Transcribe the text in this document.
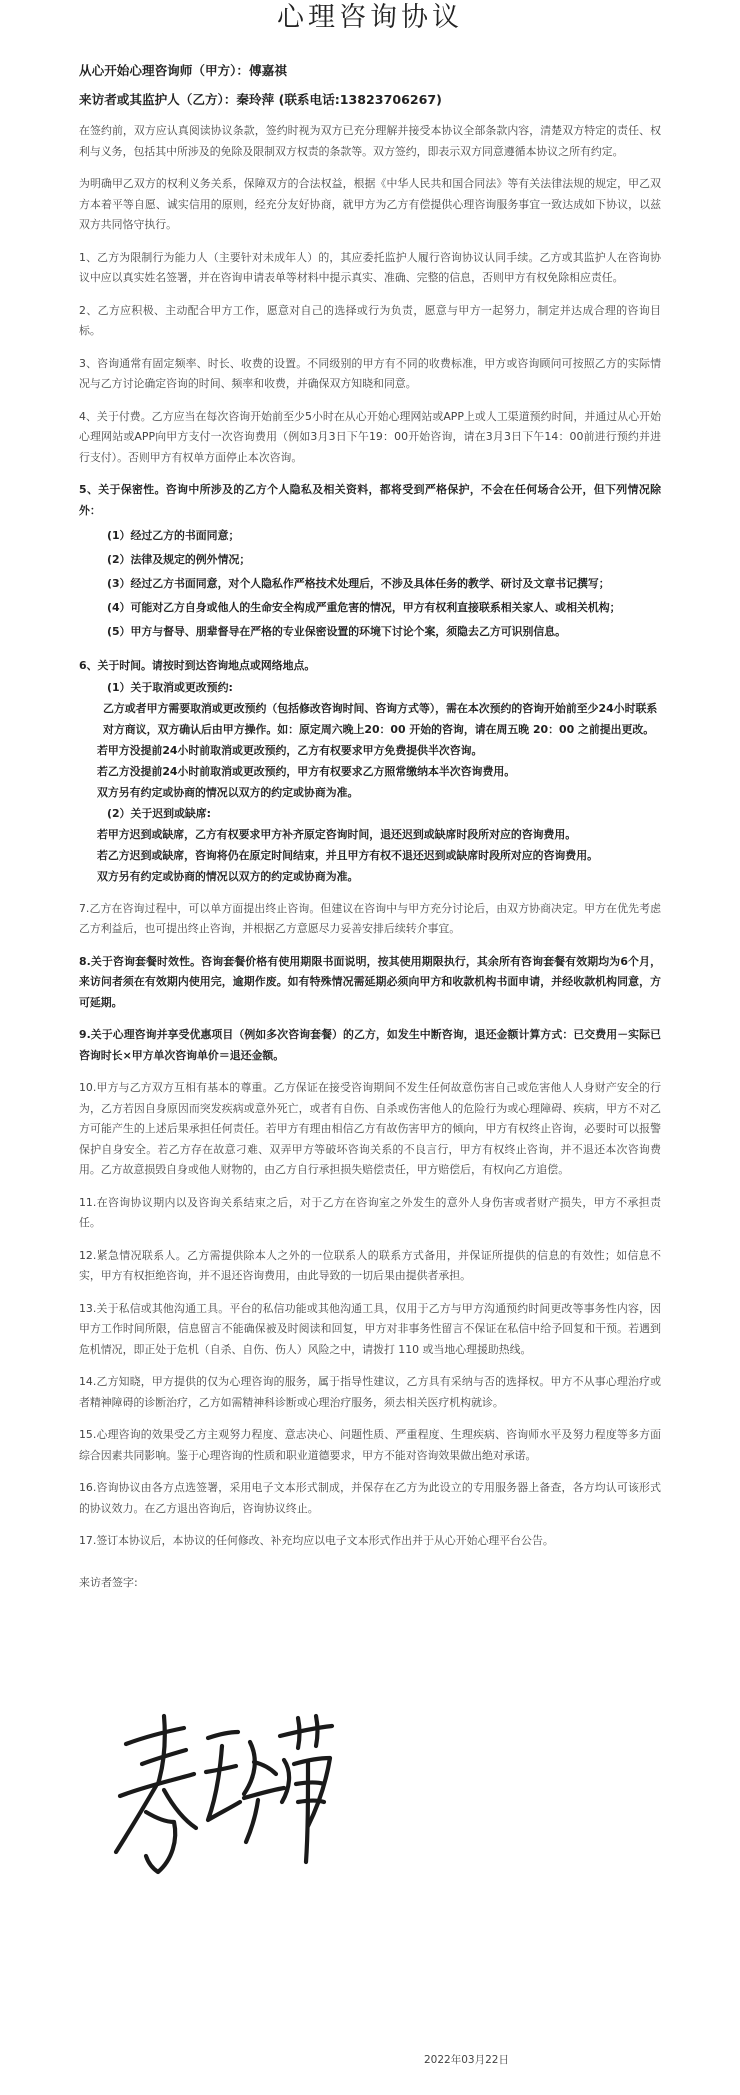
心理咨询协议
从心开始心理咨询师（甲方）：傅嘉祺
来访者或其监护人（乙方）：秦玲萍 (联系电话:13823706267)

在签约前，双方应认真阅读协议条款，签约时视为双方已充分理解并接受本协议全部条款内容，清楚双方特定的责任、权利与义务，包括其中所涉及的免除及限制双方权责的条款等。双方签约，即表示双方同意遵循本协议之所有约定。

为明确甲乙双方的权利义务关系，保障双方的合法权益，根据《中华人民共和国合同法》等有关法律法规的规定，甲乙双方本着平等自愿、诚实信用的原则，经充分友好协商，就甲方为乙方有偿提供心理咨询服务事宜一致达成如下协议，以兹双方共同恪守执行。

1、乙方为限制行为能力人（主要针对未成年人）的，其应委托监护人履行咨询协议认同手续。乙方或其监护人在咨询协议中应以真实姓名签署，并在咨询申请表单等材料中提示真实、准确、完整的信息，否则甲方有权免除相应责任。

2、乙方应积极、主动配合甲方工作，愿意对自己的选择或行为负责，愿意与甲方一起努力，制定并达成合理的咨询目标。

3、咨询通常有固定频率、时长、收费的设置。不同级别的甲方有不同的收费标准，甲方或咨询顾问可按照乙方的实际情况与乙方讨论确定咨询的时间、频率和收费，并确保双方知晓和同意。

4、关于付费。乙方应当在每次咨询开始前至少5小时在从心开始心理网站或APP上或人工渠道预约时间，并通过从心开始心理网站或APP向甲方支付一次咨询费用（例如3月3日下午19：00开始咨询，请在3月3日下午14：00前进行预约并进行支付）。否则甲方有权单方面停止本次咨询。

5、关于保密性。咨询中所涉及的乙方个人隐私及相关资料，都将受到严格保护，不会在任何场合公开，但下列情况除外：

(1）经过乙方的书面同意；
(2）法律及规定的例外情况；
(3）经过乙方书面同意，对个人隐私作严格技术处理后，不涉及具体任务的教学、研讨及文章书记撰写；
(4）可能对乙方自身或他人的生命安全构成严重危害的情况，甲方有权利直接联系相关家人、或相关机构；
(5）甲方与督导、朋辈督导在严格的专业保密设置的环境下讨论个案，须隐去乙方可识别信息。

6、关于时间。请按时到达咨询地点或网络地点。

(1）关于取消或更改预约:
乙方或者甲方需要取消或更改预约（包括修改咨询时间、咨询方式等），需在本次预约的咨询开始前至少24小时联系对方商议，双方确认后由甲方操作。如：原定周六晚上20：00 开始的咨询，请在周五晚 20：00 之前提出更改。
若甲方没提前24小时前取消或更改预约，乙方有权要求甲方免费提供半次咨询。
若乙方没提前24小时前取消或更改预约，甲方有权要求乙方照常缴纳本半次咨询费用。
双方另有约定或协商的情况以双方的约定或协商为准。
(2）关于迟到或缺席:
若甲方迟到或缺席，乙方有权要求甲方补齐原定咨询时间，退还迟到或缺席时段所对应的咨询费用。
若乙方迟到或缺席，咨询将仍在原定时间结束，并且甲方有权不退还迟到或缺席时段所对应的咨询费用。
双方另有约定或协商的情况以双方的约定或协商为准。

7.乙方在咨询过程中，可以单方面提出终止咨询。但建议在咨询中与甲方充分讨论后，由双方协商决定。甲方在优先考虑乙方利益后，也可提出终止咨询，并根据乙方意愿尽力妥善安排后续转介事宜。

8.关于咨询套餐时效性。咨询套餐价格有使用期限书面说明，按其使用期限执行，其余所有咨询套餐有效期均为6个月，来访问者须在有效期内使用完，逾期作废。如有特殊情况需延期必须向甲方和收款机构书面申请，并经收款机构同意，方可延期。

9.关于心理咨询并享受优惠项目（例如多次咨询套餐）的乙方，如发生中断咨询，退还金额计算方式：已交费用－实际已咨询时长×甲方单次咨询单价＝退还金额。

10.甲方与乙方双方互相有基本的尊重。乙方保证在接受咨询期间不发生任何故意伤害自己或危害他人人身财产安全的行为，乙方若因自身原因而突发疾病或意外死亡，或者有自伤、自杀或伤害他人的危险行为或心理障碍、疾病，甲方不对乙方可能产生的上述后果承担任何责任。若甲方有理由相信乙方有故伤害甲方的倾向，甲方有权终止咨询，必要时可以报警保护自身安全。若乙方存在故意刁难、双弄甲方等破坏咨询关系的不良言行，甲方有权终止咨询，并不退还本次咨询费用。乙方故意损毁自身或他人财物的，由乙方自行承担损失赔偿责任，甲方赔偿后，有权向乙方追偿。

11.在咨询协议期内以及咨询关系结束之后，对于乙方在咨询室之外发生的意外人身伤害或者财产损失，甲方不承担责任。

12.紧急情况联系人。乙方需提供除本人之外的一位联系人的联系方式备用，并保证所提供的信息的有效性；如信息不实，甲方有权拒绝咨询，并不退还咨询费用，由此导致的一切后果由提供者承担。

13.关于私信或其他沟通工具。平台的私信功能或其他沟通工具，仅用于乙方与甲方沟通预约时间更改等事务性内容，因甲方工作时间所限，信息留言不能确保被及时阅读和回复，甲方对非事务性留言不保证在私信中给予回复和干预。若遇到危机情况，即正处于危机（自杀、自伤、伤人）风险之中，请拨打 110 或当地心理援助热线。

14.乙方知晓，甲方提供的仅为心理咨询的服务，属于指导性建议，乙方具有采纳与否的选择权。甲方不从事心理治疗或者精神障碍的诊断治疗，乙方如需精神科诊断或心理治疗服务，须去相关医疗机构就诊。

15.心理咨询的效果受乙方主观努力程度、意志决心、问题性质、严重程度、生理疾病、咨询师水平及努力程度等多方面综合因素共同影响。鉴于心理咨询的性质和职业道德要求，甲方不能对咨询效果做出绝对承诺。

16.咨询协议由各方点选签署，采用电子文本形式制成，并保存在乙方为此设立的专用服务器上备查，各方均认可该形式的协议效力。在乙方退出咨询后，咨询协议终止。

17.签订本协议后，本协议的任何修改、补充均应以电子文本形式作出并于从心开始心理平台公告。

来访者签字:
2022年03月22日
